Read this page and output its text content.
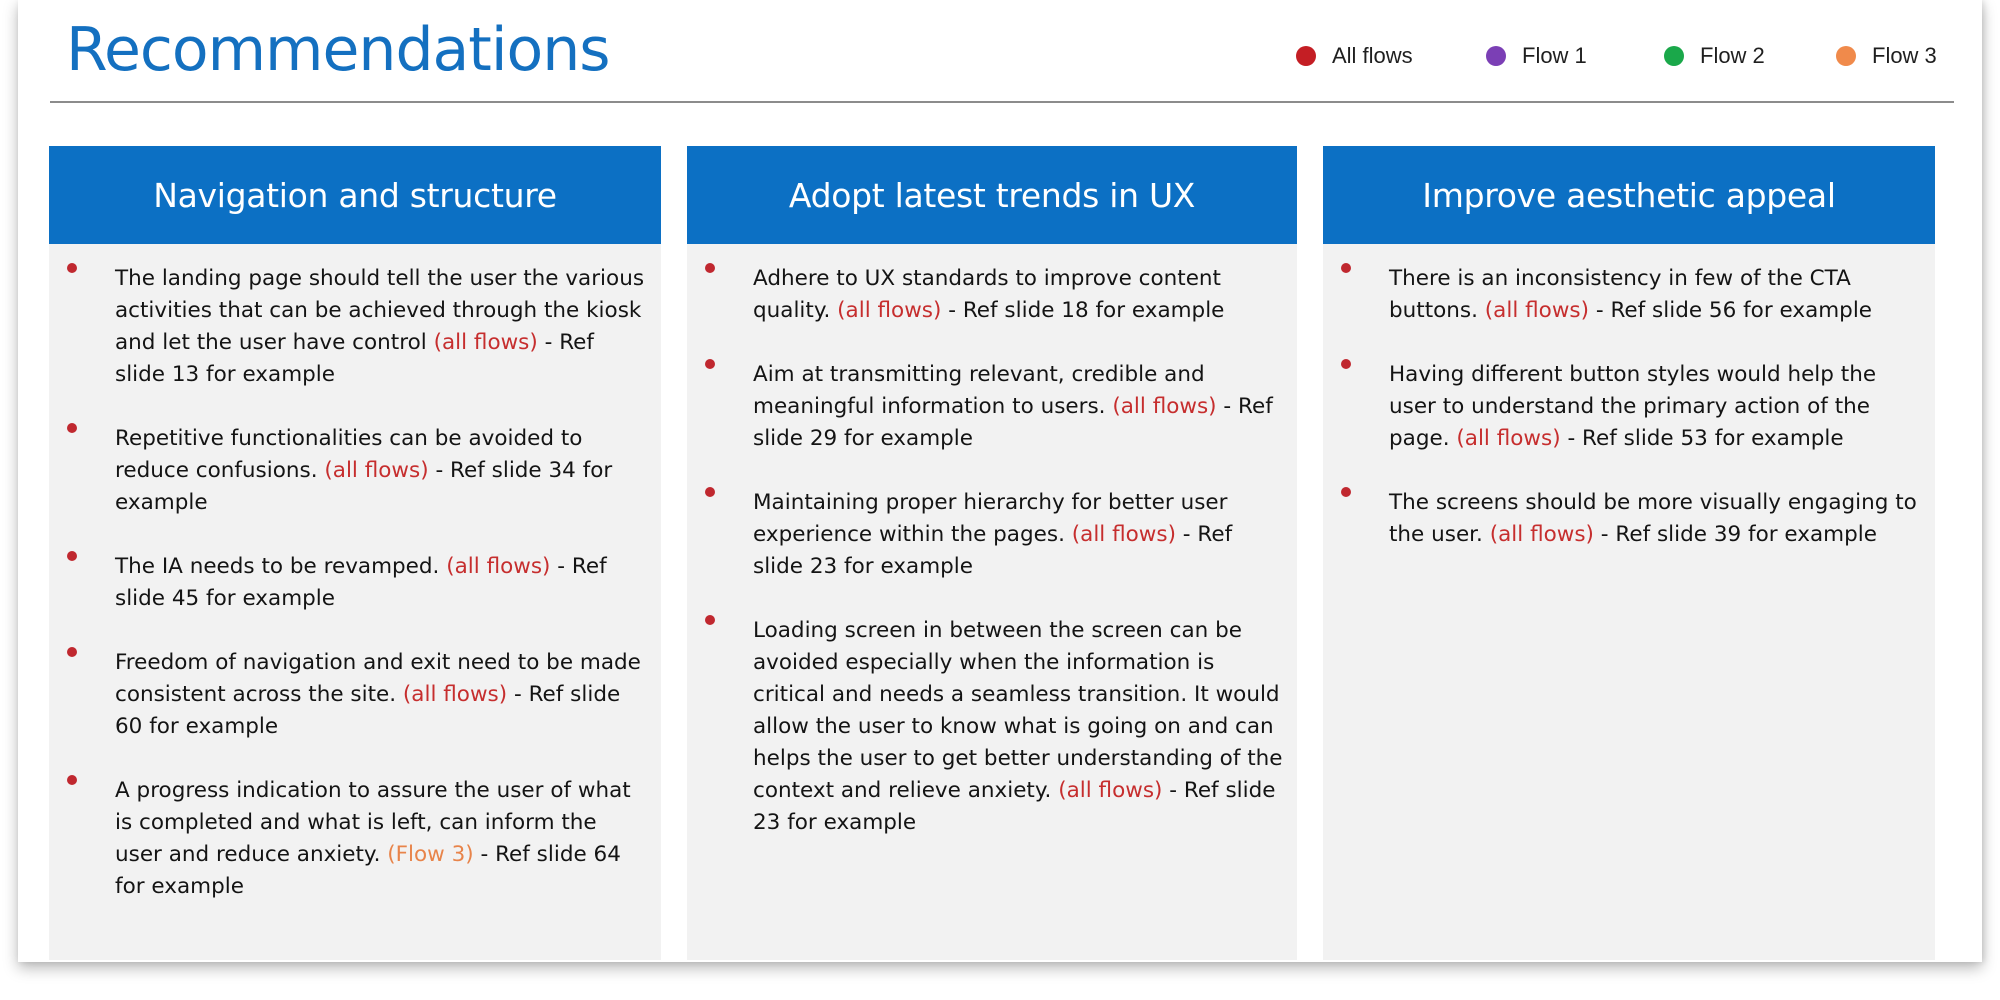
Recommendations	All flows	Flow 1	Flow 2	Flow 3
Navigation and structure
The landing page should tell the user the various activities that can be achieved through the kiosk and let the user have control (all flows) - Ref slide 13 for example
Repetitive functionalities can be avoided to reduce confusions. (all flows) - Ref slide 34 for example
The IA needs to be revamped. (all flows) - Ref slide 45 for example
Freedom of navigation and exit need to be made consistent across the site. (all flows) - Ref slide 60 for example
A progress indication to assure the user of what is completed and what is left, can inform the user and reduce anxiety. (Flow 3) - Ref slide 64 for example
Adopt latest trends in UX
Adhere to UX standards to improve content quality. (all flows) - Ref slide 18 for example
Aim at transmitting relevant, credible and meaningful information to users. (all flows) - Ref slide 29 for example
Maintaining proper hierarchy for better user experience within the pages. (all flows) - Ref slide 23 for example
Loading screen in between the screen can be avoided especially when the information is critical and needs a seamless transition. It would allow the user to know what is going on and can helps the user to get better understanding of the context and relieve anxiety. (all flows) - Ref slide 23 for example
Improve aesthetic appeal
There is an inconsistency in few of the CTA buttons. (all flows) - Ref slide 56 for example
Having different button styles would help the user to understand the primary action of the page. (all flows) - Ref slide 53 for example
The screens should be more visually engaging to the user. (all flows) - Ref slide 39 for example
